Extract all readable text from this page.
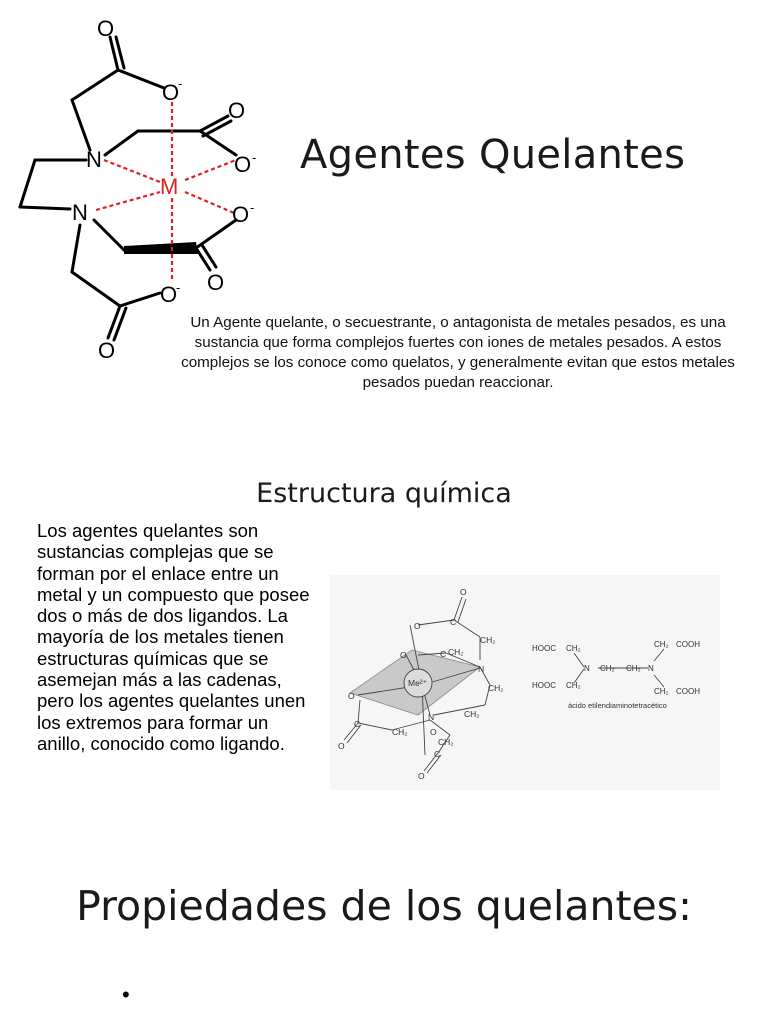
O
O
O
O
O
O
O
O
N
N
-
-
-
-
M
Agentes Quelantes
Un Agente quelante, o secuestrante, o antagonista de metales pesados, es una sustancia que forma complejos fuertes con iones de metales pesados. A estos complejos se los conoce como quelatos, y generalmente evitan que estos metales pesados puedan reaccionar.
Estructura química
Los agentes quelantes son sustancias complejas que se forman por el enlace entre un metal y un compuesto que posee dos o más de dos ligandos. La mayoría de los metales tienen estructuras químicas que se asemejan más a las cadenas, pero los agentes quelantes unen los extremos para formar un anillo, conocido como ligando.
Me²⁺
N
N
O
O
O
O
O
O
O
C
C
C
C
CH₂
CH₂
CH₂
CH₂
CH₂
CH₂
HOOC CH₂
HOOC CH₂
N CH₂ CH₂ N
CH₂ COOH
CH₂ COOH
ácido etilendiaminotetracético
Propiedades de los quelantes:
•
